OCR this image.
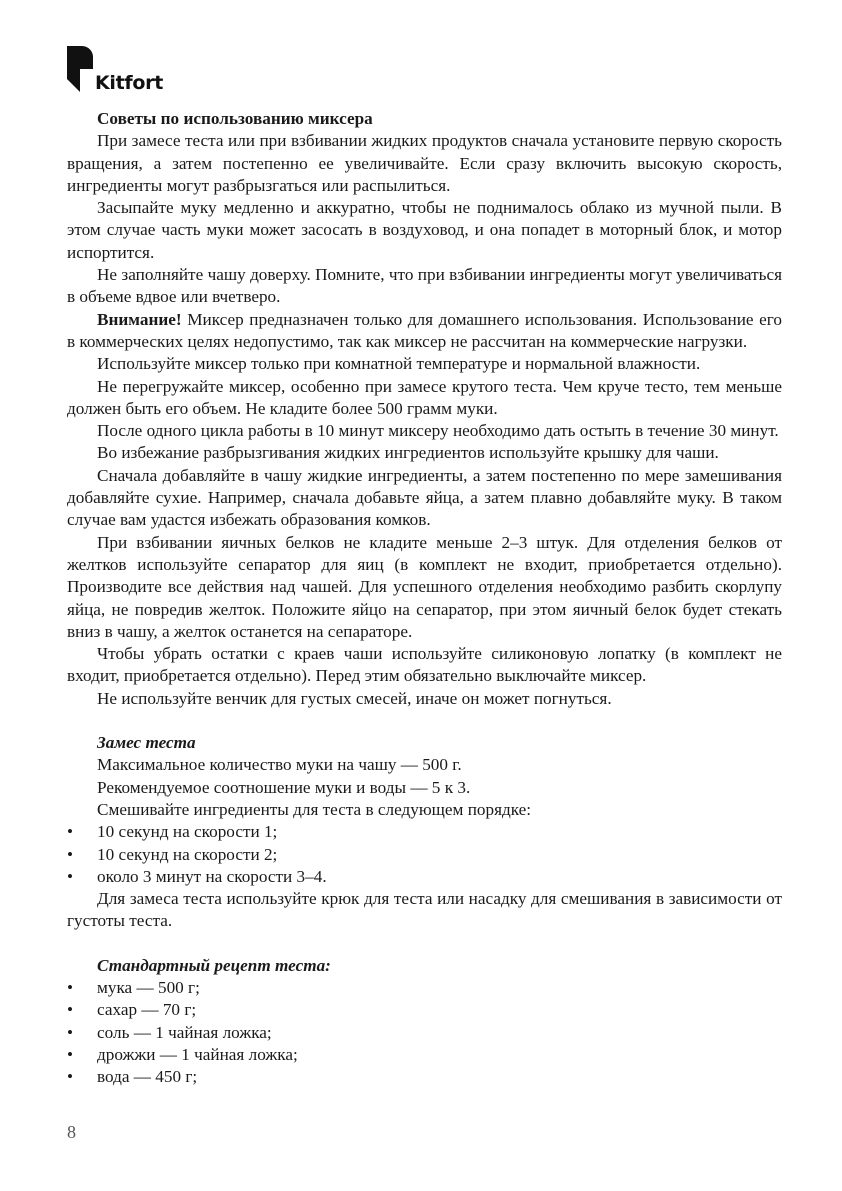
Kitfort

Советы по использованию миксера

При замесе теста или при взбивании жидких продуктов сначала установите первую скорость вращения, а затем постепенно ее увеличивайте. Если сразу включить высокую скорость, ингредиенты могут разбрызгаться или распылиться.

Засыпайте муку медленно и аккуратно, чтобы не поднималось облако из мучной пыли. В этом случае часть муки может засосать в воздуховод, и она попадет в моторный блок, и мотор испортится.

Не заполняйте чашу доверху. Помните, что при взбивании ингредиенты могут увеличиваться в объеме вдвое или вчетверо.

Внимание! Миксер предназначен только для домашнего использования. Использование его в коммерческих целях недопустимо, так как миксер не рассчитан на коммерческие нагрузки.

Используйте миксер только при комнатной температуре и нормальной влажности.

Не перегружайте миксер, особенно при замесе крутого теста. Чем круче тесто, тем меньше должен быть его объем. Не кладите более 500 грамм муки.

После одного цикла работы в 10 минут миксеру необходимо дать остыть в течение 30 минут.

Во избежание разбрызгивания жидких ингредиентов используйте крышку для чаши.

Сначала добавляйте в чашу жидкие ингредиенты, а затем постепенно по мере замешивания добавляйте сухие. Например, сначала добавьте яйца, а затем плавно добавляйте муку. В таком случае вам удастся избежать образования комков.

При взбивании яичных белков не кладите меньше 2–3 штук. Для отделения белков от желтков используйте сепаратор для яиц (в комплект не входит, приобретается отдельно). Производите все действия над чашей. Для успешного отделения необходимо разбить скорлупу яйца, не повредив желток. Положите яйцо на сепаратор, при этом яичный белок будет стекать вниз в чашу, а желток останется на сепараторе.

Чтобы убрать остатки с краев чаши используйте силиконовую лопатку (в комплект не входит, приобретается отдельно). Перед этим обязательно выключайте миксер.

Не используйте венчик для густых смесей, иначе он может погнуться.

Замес теста

Максимальное количество муки на чашу — 500 г.

Рекомендуемое соотношение муки и воды — 5 к 3.

Смешивайте ингредиенты для теста в следующем порядке:

• 10 секунд на скорости 1;
• 10 секунд на скорости 2;
• около 3 минут на скорости 3–4.

Для замеса теста используйте крюк для теста или насадку для смешивания в зависимости от густоты теста.

Стандартный рецепт теста:

• мука — 500 г;
• сахар — 70 г;
• соль — 1 чайная ложка;
• дрожжи — 1 чайная ложка;
• вода — 450 г;
8
